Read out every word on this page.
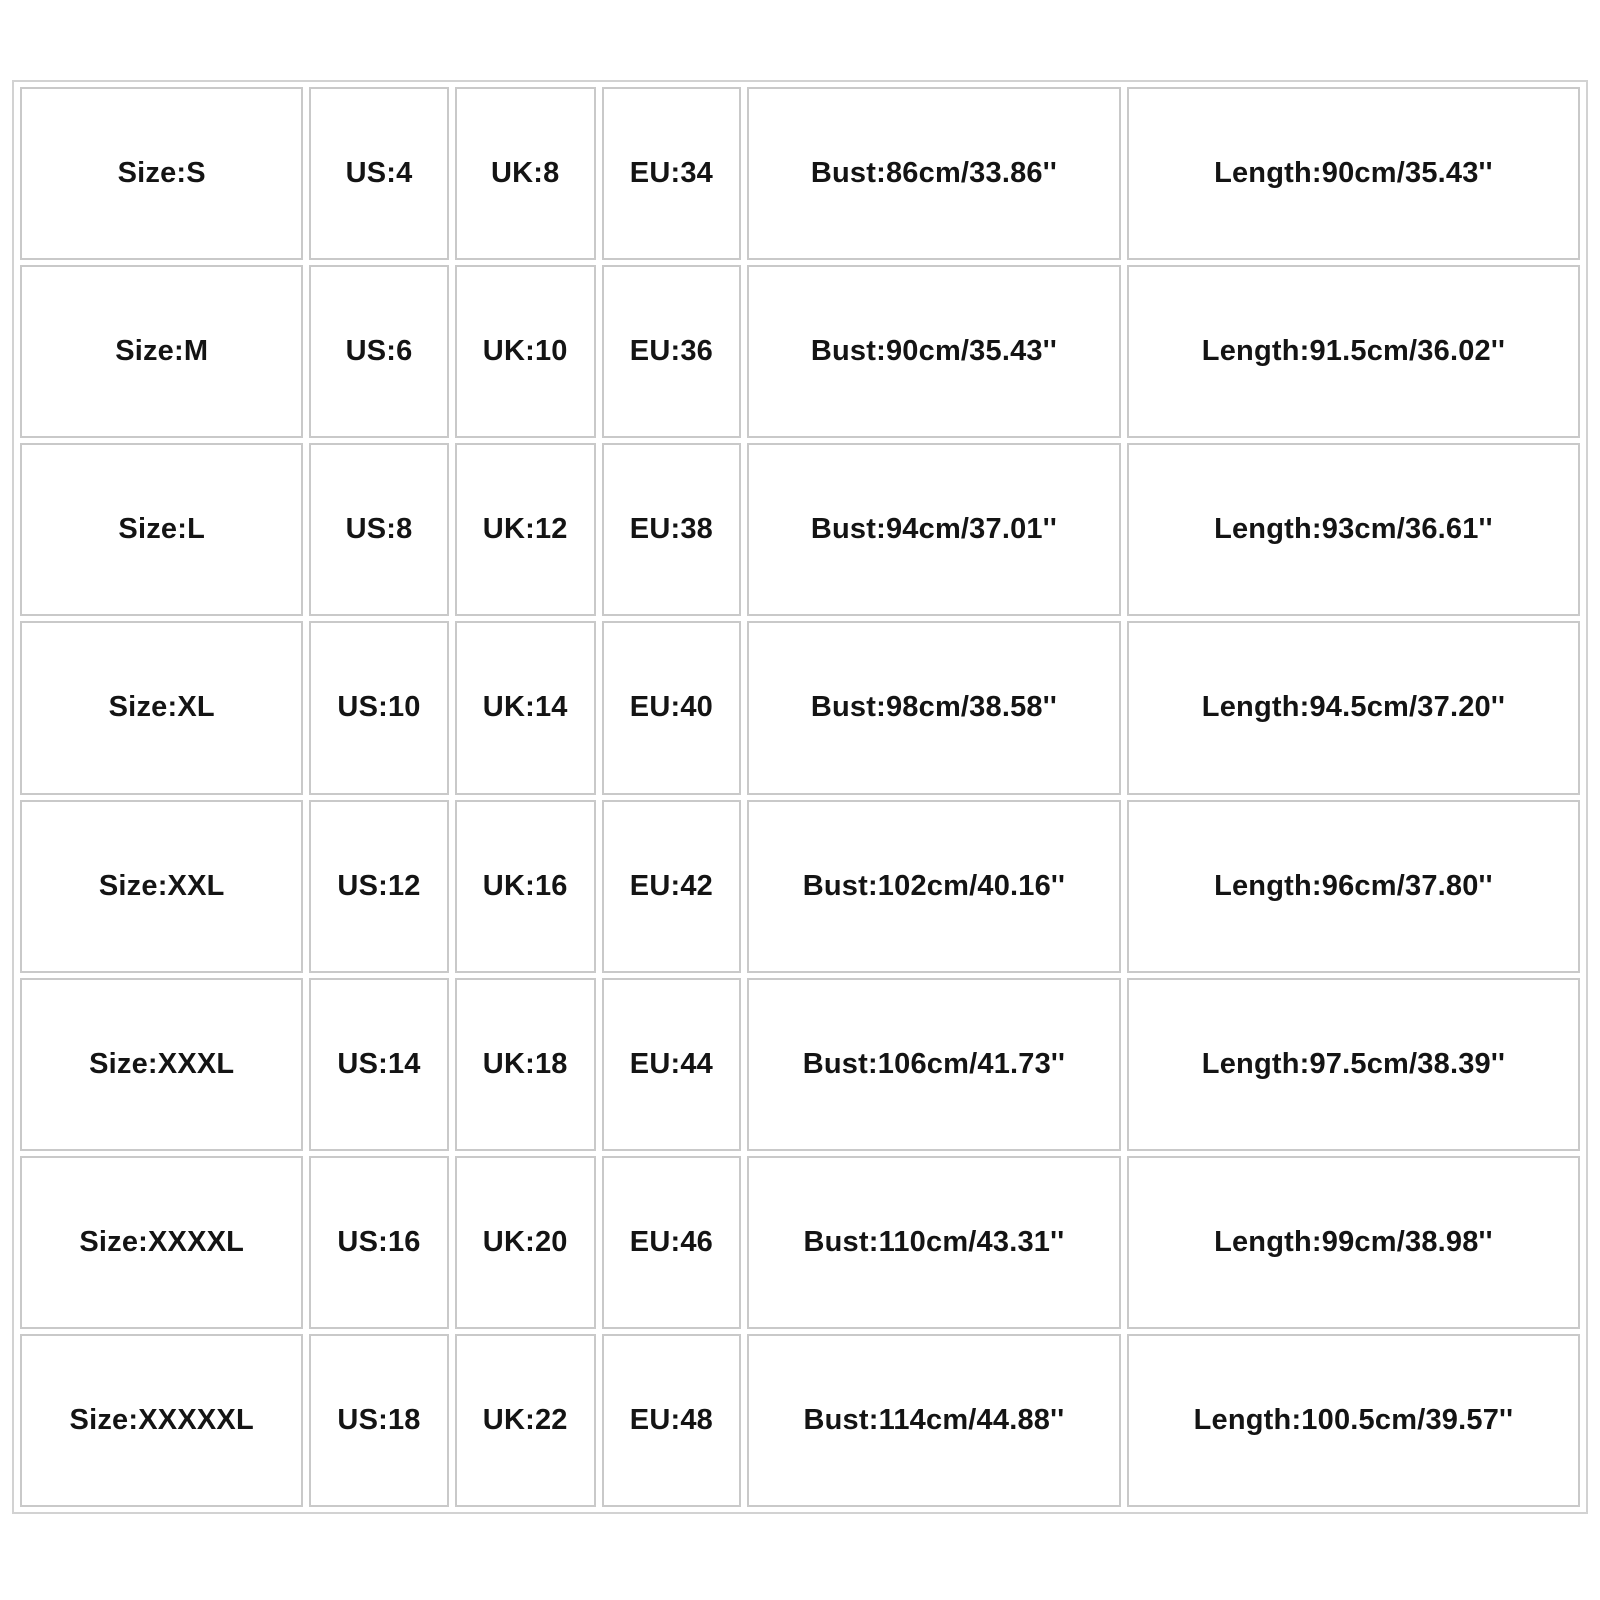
Size:S	US:4	UK:8	EU:34	Bust:86cm/33.86''	Length:90cm/35.43''
Size:M	US:6	UK:10	EU:36	Bust:90cm/35.43''	Length:91.5cm/36.02''
Size:L	US:8	UK:12	EU:38	Bust:94cm/37.01''	Length:93cm/36.61''
Size:XL	US:10	UK:14	EU:40	Bust:98cm/38.58''	Length:94.5cm/37.20''
Size:XXL	US:12	UK:16	EU:42	Bust:102cm/40.16''	Length:96cm/37.80''
Size:XXXL	US:14	UK:18	EU:44	Bust:106cm/41.73''	Length:97.5cm/38.39''
Size:XXXXL	US:16	UK:20	EU:46	Bust:110cm/43.31''	Length:99cm/38.98''
Size:XXXXXL	US:18	UK:22	EU:48	Bust:114cm/44.88''	Length:100.5cm/39.57''
